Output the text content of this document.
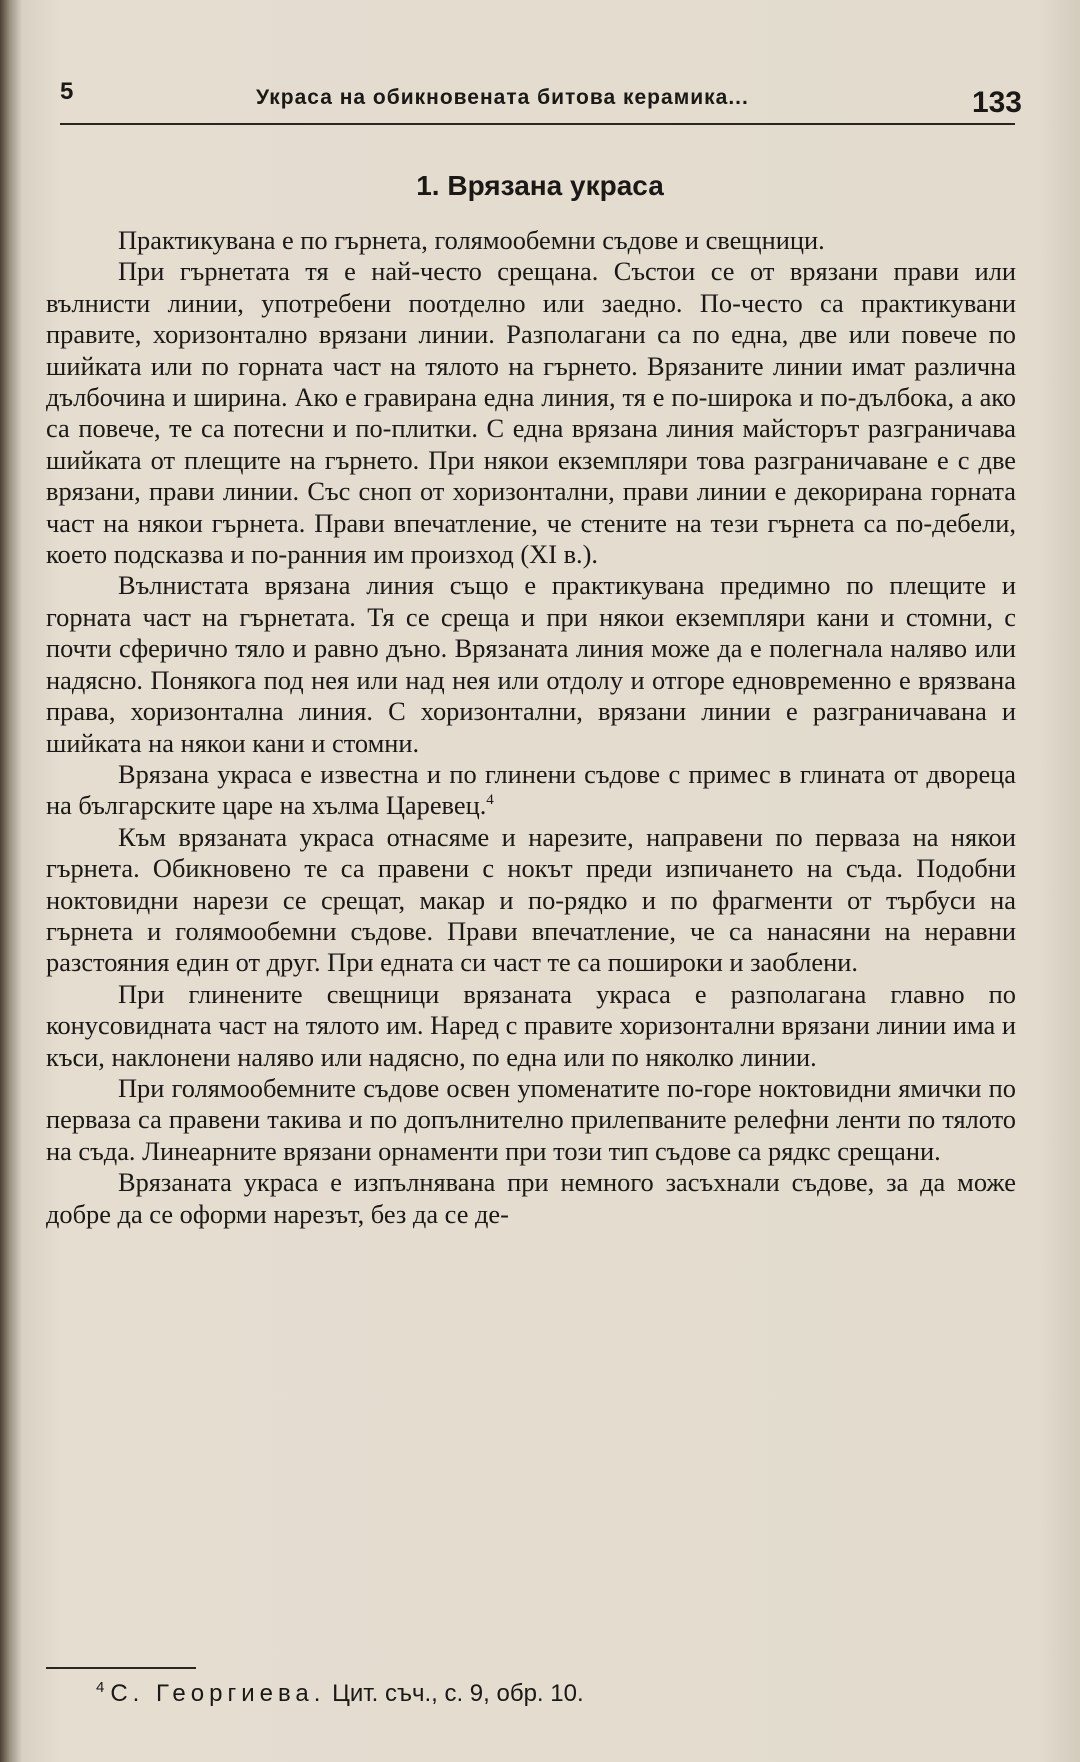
5	Украса на обикновената битова керамика...	133
1. Врязана украса

Практикувана е по гърнета, голямообемни съдове и свещници.

При гърнетата тя е най-често срещана. Състои се от врязани прави или вълнисти линии, употребени поотделно или заедно. По-често са практикувани правите, хоризонтално врязани линии. Разполагани са по една, две или повече по шийката или по горната част на тялото на гърнето. Врязаните линии имат различна дълбочина и ширина. Ако е гравирана една линия, тя е по-широка и по-дълбока, а ако са повече, те са потесни и по-плитки. С една врязана линия майсторът разграничава шийката от плещите на гърнето. При някои екземпляри това разграничаване е с две врязани, прави линии. Със сноп от хоризонтални, прави линии е декорирана горната част на някои гърнета. Прави впечатление, че стените на тези гърнета са по-дебели, което подсказва и по-ранния им произход (XI в.).

Вълнистата врязана линия също е практикувана предимно по плещите и горната част на гърнетата. Тя се среща и при някои екземпляри кани и стомни, с почти сферично тяло и равно дъно. Врязаната линия може да е полегнала наляво или надясно. Понякога под нея или над нея или отдолу и отгоре едновременно е врязвана права, хоризонтална линия. С хоризонтални, врязани линии е разграничавана и шийката на някои кани и стомни.

Врязана украса е известна и по глинени съдове с примес в глината от двореца на българските царе на хълма Царевец.$^4$

Към врязаната украса отнасяме и нарезите, направени по перваза на някои гърнета. Обикновено те са правени с нокът преди изпичането на съда. Подобни ноктовидни нарези се срещат, макар и по-рядко и по фрагменти от търбуси на гърнета и голямообемни съдове. Прави впечатление, че са нанасяни на неравни разстояния един от друг. При едната си част те са поширoки и заоблени.

При глинените свещници врязаната украса е разполагана главно по конусовидната част на тялото им. Наред с правите хоризонтални врязани линии има и къси, наклонени наляво или надясно, по една или по няколко линии.

При голямообемните съдове освен упоменатите по-горе ноктовидни ямички по перваза са правени такива и по допълнително прилепваните релефни ленти по тялото на съда. Линеарните врязани орнаменти при този тип съдове са рядкс срещани.

Врязаната украса е изпълнявана при немного засъхнали съдове, за да може добре да се оформи нарезът, без да се де-

$^4$ С. Георгиева. Цит. съч., с. 9, обр. 10.
